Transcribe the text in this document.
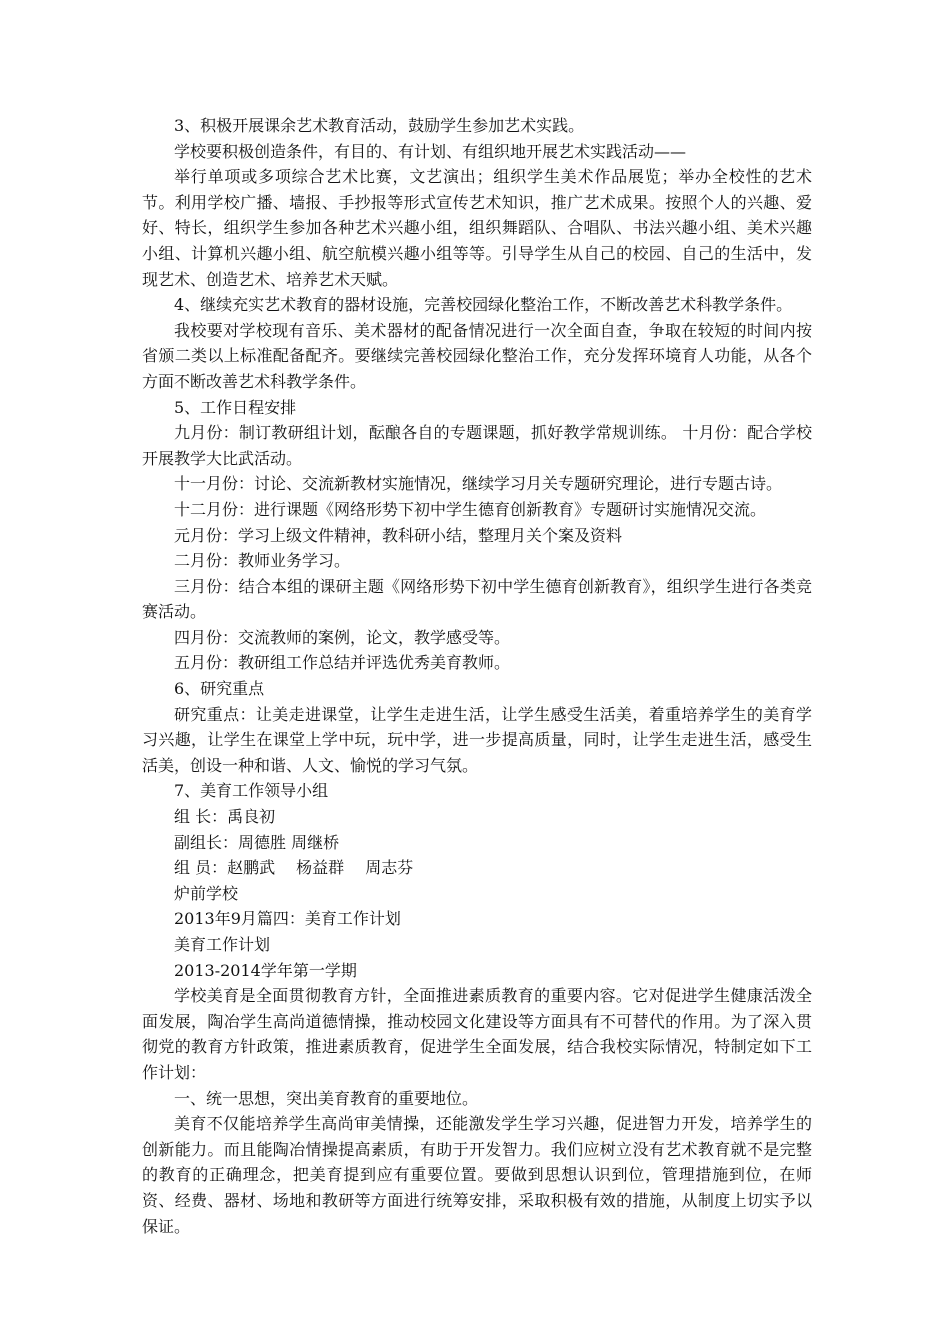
3、积极开展课余艺术教育活动，鼓励学生参加艺术实践。

学校要积极创造条件，有目的、有计划、有组织地开展艺术实践活动——

举行单项或多项综合艺术比赛，文艺演出；组织学生美术作品展览；举办全校性的艺术节。利用学校广播、墙报、手抄报等形式宣传艺术知识，推广艺术成果。按照个人的兴趣、爱好、特长，组织学生参加各种艺术兴趣小组，组织舞蹈队、合唱队、书法兴趣小组、美术兴趣小组、计算机兴趣小组、航空航模兴趣小组等等。引导学生从自己的校园、自己的生活中，发现艺术、创造艺术、培养艺术天赋。

4、继续充实艺术教育的器材设施，完善校园绿化整治工作，不断改善艺术科教学条件。

我校要对学校现有音乐、美术器材的配备情况进行一次全面自查，争取在较短的时间内按省颁二类以上标准配备配齐。要继续完善校园绿化整治工作，充分发挥环境育人功能，从各个方面不断改善艺术科教学条件。

5、工作日程安排

九月份：制订教研组计划，酝酿各自的专题课题，抓好教学常规训练。 十月份：配合学校开展教学大比武活动。

十一月份：讨论、交流新教材实施情况，继续学习月关专题研究理论，进行专题古诗。

十二月份：进行课题《网络形势下初中学生德育创新教育》专题研讨实施情况交流。

元月份：学习上级文件精神，教科研小结，整理月关个案及资料

二月份：教师业务学习。

三月份：结合本组的课研主题《网络形势下初中学生德育创新教育》，组织学生进行各类竞赛活动。

四月份：交流教师的案例，论文，教学感受等。

五月份：教研组工作总结并评选优秀美育教师。

6、研究重点

研究重点：让美走进课堂，让学生走进生活，让学生感受生活美，着重培养学生的美育学习兴趣，让学生在课堂上学中玩，玩中学，进一步提高质量，同时，让学生走进生活，感受生活美，创设一种和谐、人文、愉悦的学习气氛。

7、美育工作领导小组

组 长：禹良初

副组长：周德胜 周继桥

组 员：赵鹏武　 杨益群　 周志芬

炉前学校

2013年9月篇四：美育工作计划

美育工作计划

2013-2014学年第一学期

学校美育是全面贯彻教育方针，全面推进素质教育的重要内容。它对促进学生健康活泼全面发展，陶冶学生高尚道德情操，推动校园文化建设等方面具有不可替代的作用。为了深入贯彻党的教育方针政策，推进素质教育，促进学生全面发展，结合我校实际情况，特制定如下工作计划：

一、统一思想，突出美育教育的重要地位。

美育不仅能培养学生高尚审美情操，还能激发学生学习兴趣，促进智力开发，培养学生的创新能力。而且能陶冶情操提高素质，有助于开发智力。我们应树立没有艺术教育就不是完整的教育的正确理念，把美育提到应有重要位置。要做到思想认识到位，管理措施到位，在师资、经费、器材、场地和教研等方面进行统筹安排，采取积极有效的措施，从制度上切实予以保证。
